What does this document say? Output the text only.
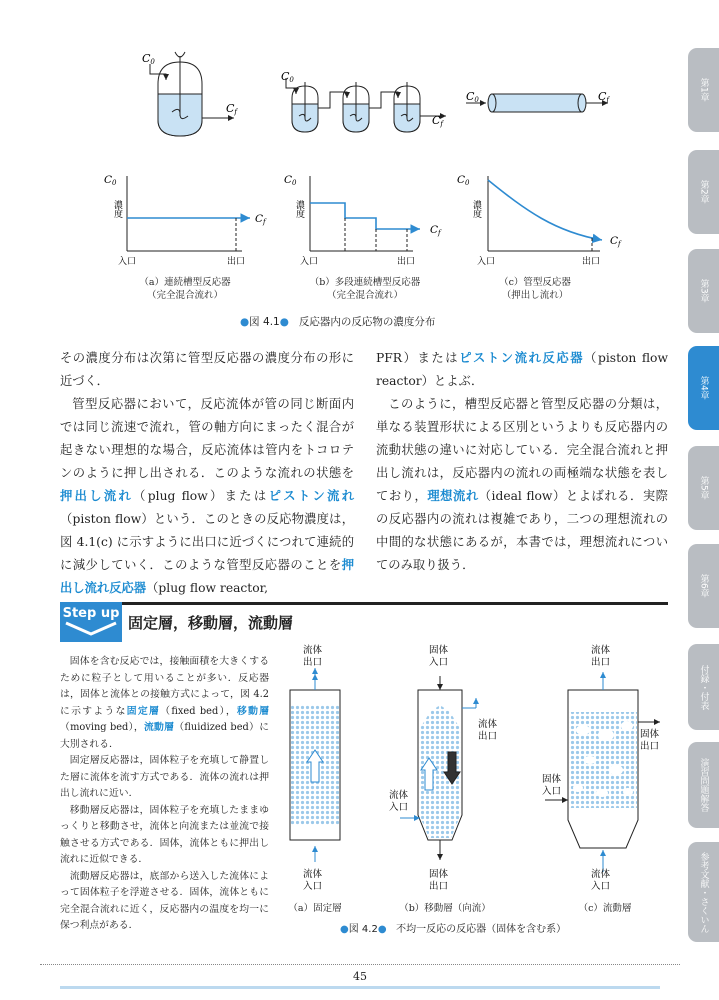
第1章
第2章
第3章
第4章
第5章
第6章
付録・付表
演習問題解答
参考文献・さくいん
C0
Cf
C0
Cf
C0	Cf
C0
Cf
濃度
入口	出口
C0
Cf
濃度
入口	出口
C0
Cf
濃度
入口	出口
（a）連続槽型反応器
（完全混合流れ）
（b）多段連続槽型反応器
（完全混合流れ）
（c）管型反応器
（押出し流れ）
●図 4.1● 反応器内の反応物の濃度分布

その濃度分布は次第に管型反応器の濃度分布の形に近づく．

管型反応器において，反応流体が管の同じ断面内では同じ流速で流れ，管の軸方向にまったく混合が起きない理想的な場合，反応流体は管内をトコロテンのように押し出される．このような流れの状態を押出し流れ（plug flow）またはピストン流れ（piston flow）という．このときの反応物濃度は，図 4.1(c) に示すように出口に近づくにつれて連続的に減少していく．このような管型反応器のことを押出し流れ反応器（plug flow reactor,

PFR）またはピストン流れ反応器（piston flow reactor）とよぶ．

このように，槽型反応器と管型反応器の分類は，単なる装置形状による区別というよりも反応器内の流動状態の違いに対応している．完全混合流れと押出し流れは，反応器内の流れの両極端な状態を表しており，理想流れ（ideal flow）とよばれる．実際の反応器内の流れは複雑であり，二つの理想流れの中間的な状態にあるが，本書では，理想流れについてのみ取り扱う．

Step up
固定層，移動層，流動層

固体を含む反応では，接触面積を大きくするために粒子として用いることが多い．反応器は，固体と流体との接触方式によって，図 4.2 に示すような固定層（fixed bed），移動層（moving bed），流動層（fluidized bed）に大別される．

固定層反応器は，固体粒子を充填して静置した層に流体を流す方式である．流体の流れは押出し流れに近い．

移動層反応器は，固体粒子を充填したままゆっくりと移動させ，流体と向流または並流で接触させる方式である．固体，流体ともに押出し流れに近似できる．

流動層反応器は，底部から送入した流体によって固体粒子を浮遊させる．固体，流体ともに完全混合流れに近く，反応器内の温度を均一に保つ利点がある．

流体
出口
流体
入口
固体
入口
流体
出口
流体
入口
固体
出口
流体
出口
固体
出口
固体
入口
流体
入口
（a）固定層	（b）移動層（向流）	（c）流動層
●図 4.2● 不均一反応の反応器（固体を含む系）
45
